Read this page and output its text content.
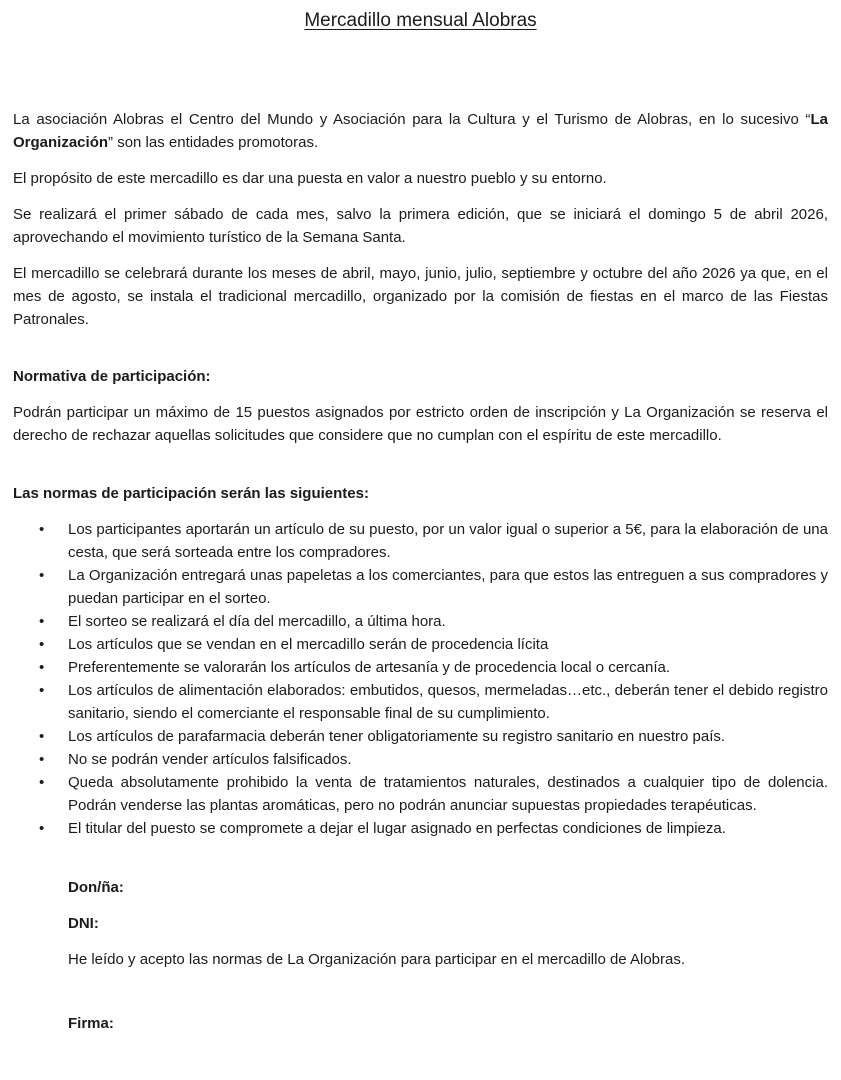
Mercadillo mensual Alobras

La asociación Alobras el Centro del Mundo y Asociación para la Cultura y el Turismo de Alobras, en lo sucesivo “La Organización” son las entidades promotoras.

El propósito de este mercadillo es dar una puesta en valor a nuestro pueblo y su entorno.

Se realizará el primer sábado de cada mes, salvo la primera edición, que se iniciará el domingo 5 de abril 2026, aprovechando el movimiento turístico de la Semana Santa.

El mercadillo se celebrará durante los meses de abril, mayo, junio, julio, septiembre y octubre del año 2026 ya que, en el mes de agosto, se instala el tradicional mercadillo, organizado por la comisión de fiestas en el marco de las Fiestas Patronales.

Normativa de participación:

Podrán participar un máximo de 15 puestos asignados por estricto orden de inscripción y La Organización se reserva el derecho de rechazar aquellas solicitudes que considere que no cumplan con el espíritu de este mercadillo.

Las normas de participación serán las siguientes:

• Los participantes aportarán un artículo de su puesto, por un valor igual o superior a 5€, para la elaboración de una cesta, que será sorteada entre los compradores.
• La Organización entregará unas papeletas a los comerciantes, para que estos las entreguen a sus compradores y puedan participar en el sorteo.
• El sorteo se realizará el día del mercadillo, a última hora.
• Los artículos que se vendan en el mercadillo serán de procedencia lícita
• Preferentemente se valorarán los artículos de artesanía y de procedencia local o cercanía.
• Los artículos de alimentación elaborados: embutidos, quesos, mermeladas…etc., deberán tener el debido registro sanitario, siendo el comerciante el responsable final de su cumplimiento.
• Los artículos de parafarmacia deberán tener obligatoriamente su registro sanitario en nuestro país.
• No se podrán vender artículos falsificados.
• Queda absolutamente prohibido la venta de tratamientos naturales, destinados a cualquier tipo de dolencia. Podrán venderse las plantas aromáticas, pero no podrán anunciar supuestas propiedades terapéuticas.
• El titular del puesto se compromete a dejar el lugar asignado en perfectas condiciones de limpieza.

Don/ña:

DNI:

He leído y acepto las normas de La Organización para participar en el mercadillo de Alobras.

Firma:
